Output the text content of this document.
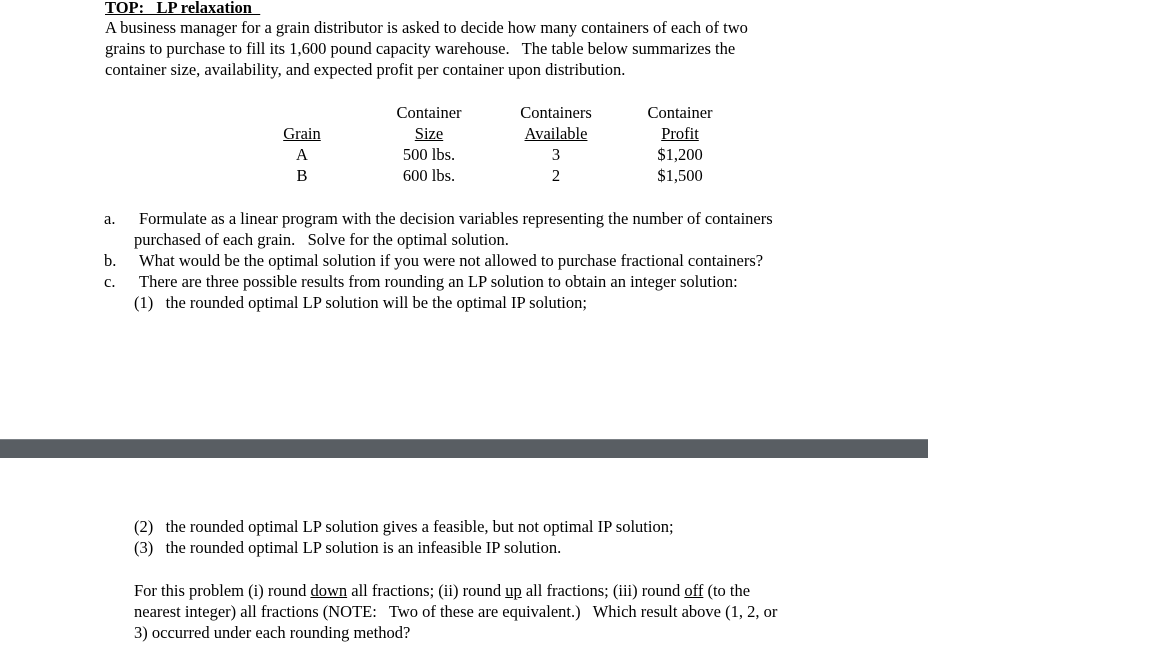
TOP:   LP relaxation
A business manager for a grain distributor is asked to decide how many containers of each of two
grains to purchase to fill its 1,600 pound capacity warehouse.   The table below summarizes the
container size, availability, and expected profit per container upon distribution.
Grain
A
B
Container
Size
500 lbs.
600 lbs.
Containers
Available
3
2
Container
Profit
$1,200
$1,500
a. Formulate as a linear program with the decision variables representing the number of containers
purchased of each grain.   Solve for the optimal solution.
b. What would be the optimal solution if you were not allowed to purchase fractional containers?
c. There are three possible results from rounding an LP solution to obtain an integer solution:
(1)   the rounded optimal LP solution will be the optimal IP solution;
(2)   the rounded optimal LP solution gives a feasible, but not optimal IP solution;
(3)   the rounded optimal LP solution is an infeasible IP solution.
For this problem (i) round down all fractions; (ii) round up all fractions; (iii) round off (to the
nearest integer) all fractions (NOTE:   Two of these are equivalent.)   Which result above (1, 2, or
3) occurred under each rounding method?
